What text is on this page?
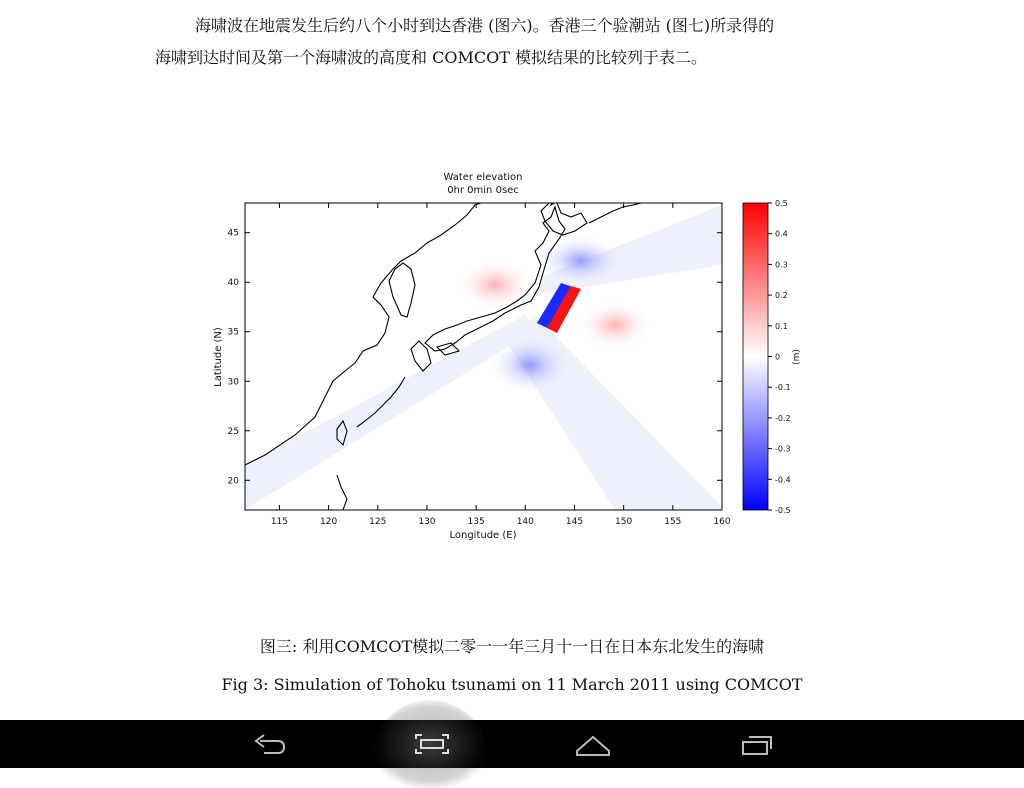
海啸波在地震发生后约八个小时到达香港 (图六)。香港三个验潮站 (图七)所录得的
海啸到达时间及第一个海啸波的高度和 COMCOT 模拟结果的比较列于表二。

Water elevation
0hr 0min 0sec
115	120	125	130	135	140	145	150	155	160
20
25
30
35
40
45
Longitude (E)
Latitude (N)
0.5
0.4
0.3
0.2
0.1
0
-0.1
-0.2
-0.3
-0.4
-0.5
(m)
图三: 利用COMCOT模拟二零一一年三月十一日在日本东北发生的海啸
Fig 3: Simulation of Tohoku tsunami on 11 March 2011 using COMCOT
